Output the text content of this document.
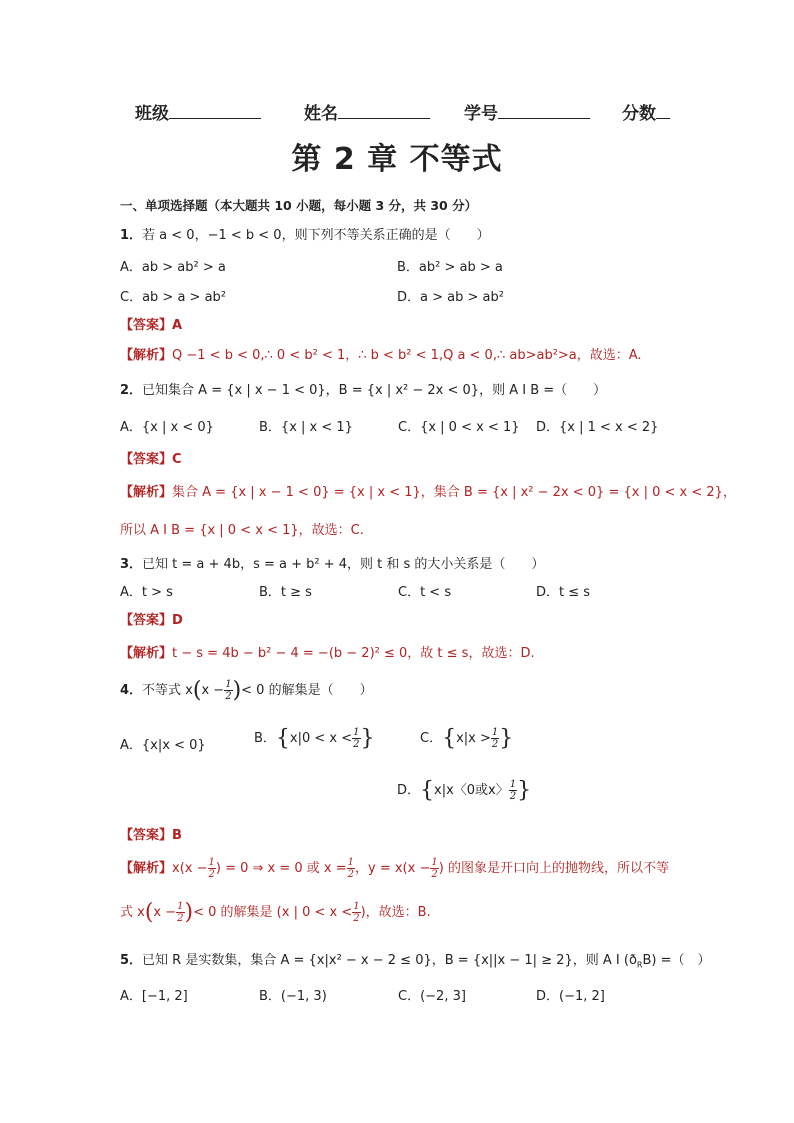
班级	姓名	学号	分数
第 2 章 不等式
一、单项选择题（本大题共 10 小题，每小题 3 分，共 30 分）
1．若 a < 0，−1 < b < 0，则下列不等关系正确的是（　　）
A．ab > ab² > a	B．ab² > ab > a
C．ab > a > ab²	D．a > ab > ab²
【答案】A
【解析】Q −1 < b < 0,∴ 0 < b² < 1，∴ b < b² < 1,Q a < 0,∴ ab>ab²>a，故选：A.
2．已知集合 A = {x | x − 1 < 0}，B = {x | x² − 2x < 0}，则 A I B =（　　）
A．{x | x < 0}	B．{x | x < 1}	C．{x | 0 < x < 1} D．{x | 1 < x < 2}
【答案】C
【解析】集合 A = {x | x − 1 < 0} = {x | x < 1}，集合 B = {x | x² − 2x < 0} = {x | 0 < x < 2}，
所以 A I B = {x | 0 < x < 1}，故选：C.
3．已知 t = a + 4b，s = a + b² + 4，则 t 和 s 的大小关系是（　　）
A．t > s	B．t ≥ s	C．t < s	D．t ≤ s
【答案】D
【解析】t − s = 4b − b² − 4 = −(b − 2)² ≤ 0，故 t ≤ s，故选：D.
4．不等式 $x(x - \frac{1}{2}$ )< 0 的解集是（　　）
A．{x|x < 0}	B．{$x|0 < x < \frac{1}{2}$ }	C．{$x|x > \frac{1}{2}$ }
D．{x|x〈0或x〉 $\frac{1}{2}$ }
【答案】B
【解析】$x(x - \frac{1}{2}$ ) = 0 ⇒ x = 0 或 $x = \frac{1}{2}$ ，$y = x(x - \frac{1}{2}$ ) 的图象是开口向上的抛物线，所以不等
式 $x(x - \frac{1}{2}$ )< 0 的解集是 (x | $0 < x < \frac{1}{2}$ )，故选：B.
5．已知 R 是实数集，集合 A = {x|x² − x − 2 ≤ 0}，B = {x||x − 1| ≥ 2}，则 A I $(ð_RB)$ =（　）
A．[−1, 2]	B．(−1, 3)	C．(−2, 3]	D．(−1, 2]
